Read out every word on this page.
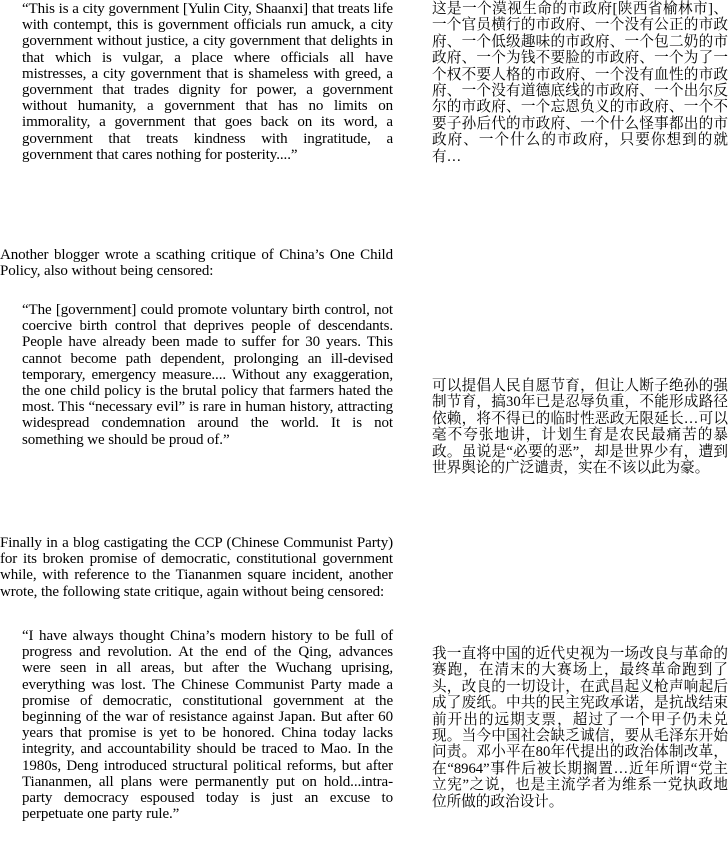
“This is a city government [Yulin City, Shaanxi] that treats life with contempt, this is government officials run amuck, a city government without justice, a city government that delights in that which is vulgar, a place where officials all have mistresses, a city government that is shameless with greed, a government that trades dignity for power, a government without humanity, a government that has no limits on immorality, a government that goes back on its word, a government that treats kindness with ingratitude, a government that cares nothing for posterity....”
Another blogger wrote a scathing critique of China’s One Child Policy, also without being censored:
“The [government] could promote voluntary birth control, not coercive birth control that deprives people of descendants. People have already been made to suffer for 30 years. This cannot become path dependent, prolonging an ill-devised temporary, emergency measure.... Without any exaggeration, the one child policy is the brutal policy that farmers hated the most. This “necessary evil” is rare in human history, attracting widespread condemnation around the world. It is not something we should be proud of.”
Finally in a blog castigating the CCP (Chinese Communist Party) for its broken promise of democratic, constitutional government while, with reference to the Tiananmen square incident, another wrote, the following state critique, again without being censored:
“I have always thought China’s modern history to be full of progress and revolution. At the end of the Qing, advances were seen in all areas, but after the Wuchang uprising, everything was lost. The Chinese Communist Party made a promise of democratic, constitutional government at the beginning of the war of resistance against Japan. But after 60 years that promise is yet to be honored. China today lacks integrity, and accountability should be traced to Mao. In the 1980s, Deng introduced structural political reforms, but after Tiananmen, all plans were permanently put on hold...intra- party democracy espoused today is just an excuse to perpetuate one party rule.”
这是一个漠视生命的市政府[陕西省榆林市]、一个官员横行的市政府、一个没有公正的市政府、一个低级趣味的市政府、一个包二奶的市政府、一个为钱不要脸的市政府、一个为了一个权不要人格的市政府、一个没有血性的市政府、一个没有道德底线的市政府、一个出尔反尔的市政府、一个忘恩负义的市政府、一个不要子孙后代的市政府、一个什么怪事都出的市政府、一个什么的市政府，只要你想到的就有…
可以提倡人民自愿节育，但让人断子绝孙的强制节育，搞30年已是忍辱负重，不能形成路径依赖，将不得已的临时性恶政无限延长…可以毫不夸张地讲，计划生育是农民最痛苦的暴政。虽说是“必要的恶”，却是世界少有，遭到世界舆论的广泛谴责，实在不该以此为豪。
我一直将中国的近代史视为一场改良与革命的赛跑，在清末的大赛场上，最终革命跑到了头，改良的一切设计，在武昌起义枪声响起后成了废纸。中共的民主宪政承诺，是抗战结束前开出的远期支票，超过了一个甲子仍未兑现。当今中国社会缺乏诚信，要从毛泽东开始问责。邓小平在80年代提出的政治体制改革，在“8964”事件后被长期搁置…近年所谓“党主立宪”之说，也是主流学者为维系一党执政地位所做的政治设计。
